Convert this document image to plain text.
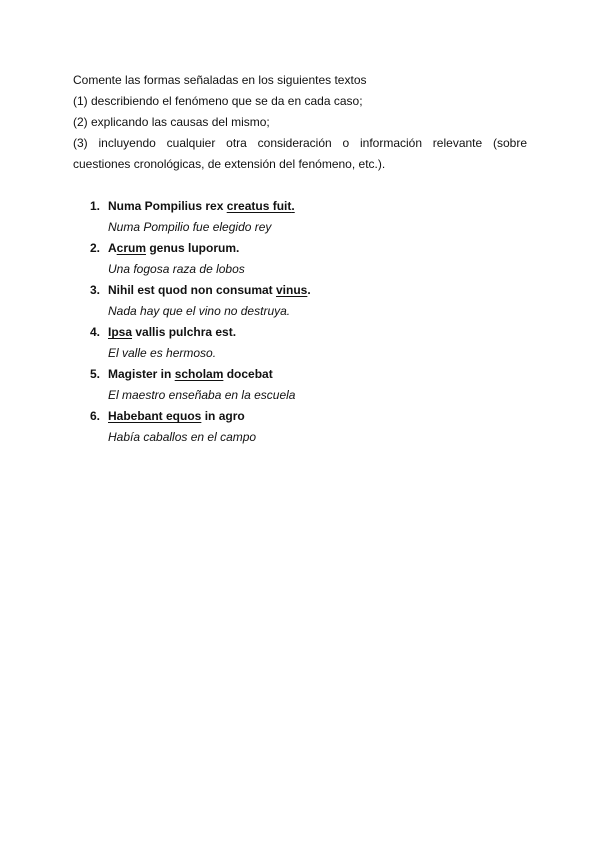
Comente las formas señaladas en los siguientes textos

(1) describiendo el fenómeno que se da en cada caso;

(2) explicando las causas del mismo;

(3) incluyendo cualquier otra consideración o información relevante (sobre

cuestiones cronológicas, de extensión del fenómeno, etc.).

1. Numa Pompilius rex creatus fuit.
Numa Pompilio fue elegido rey
2. Acrum genus luporum.
Una fogosa raza de lobos
3. Nihil est quod non consumat vinus.
Nada hay que el vino no destruya.
4. Ipsa vallis pulchra est.
El valle es hermoso.
5. Magister in scholam docebat
El maestro enseñaba en la escuela
6. Habebant equos in agro
Había caballos en el campo
